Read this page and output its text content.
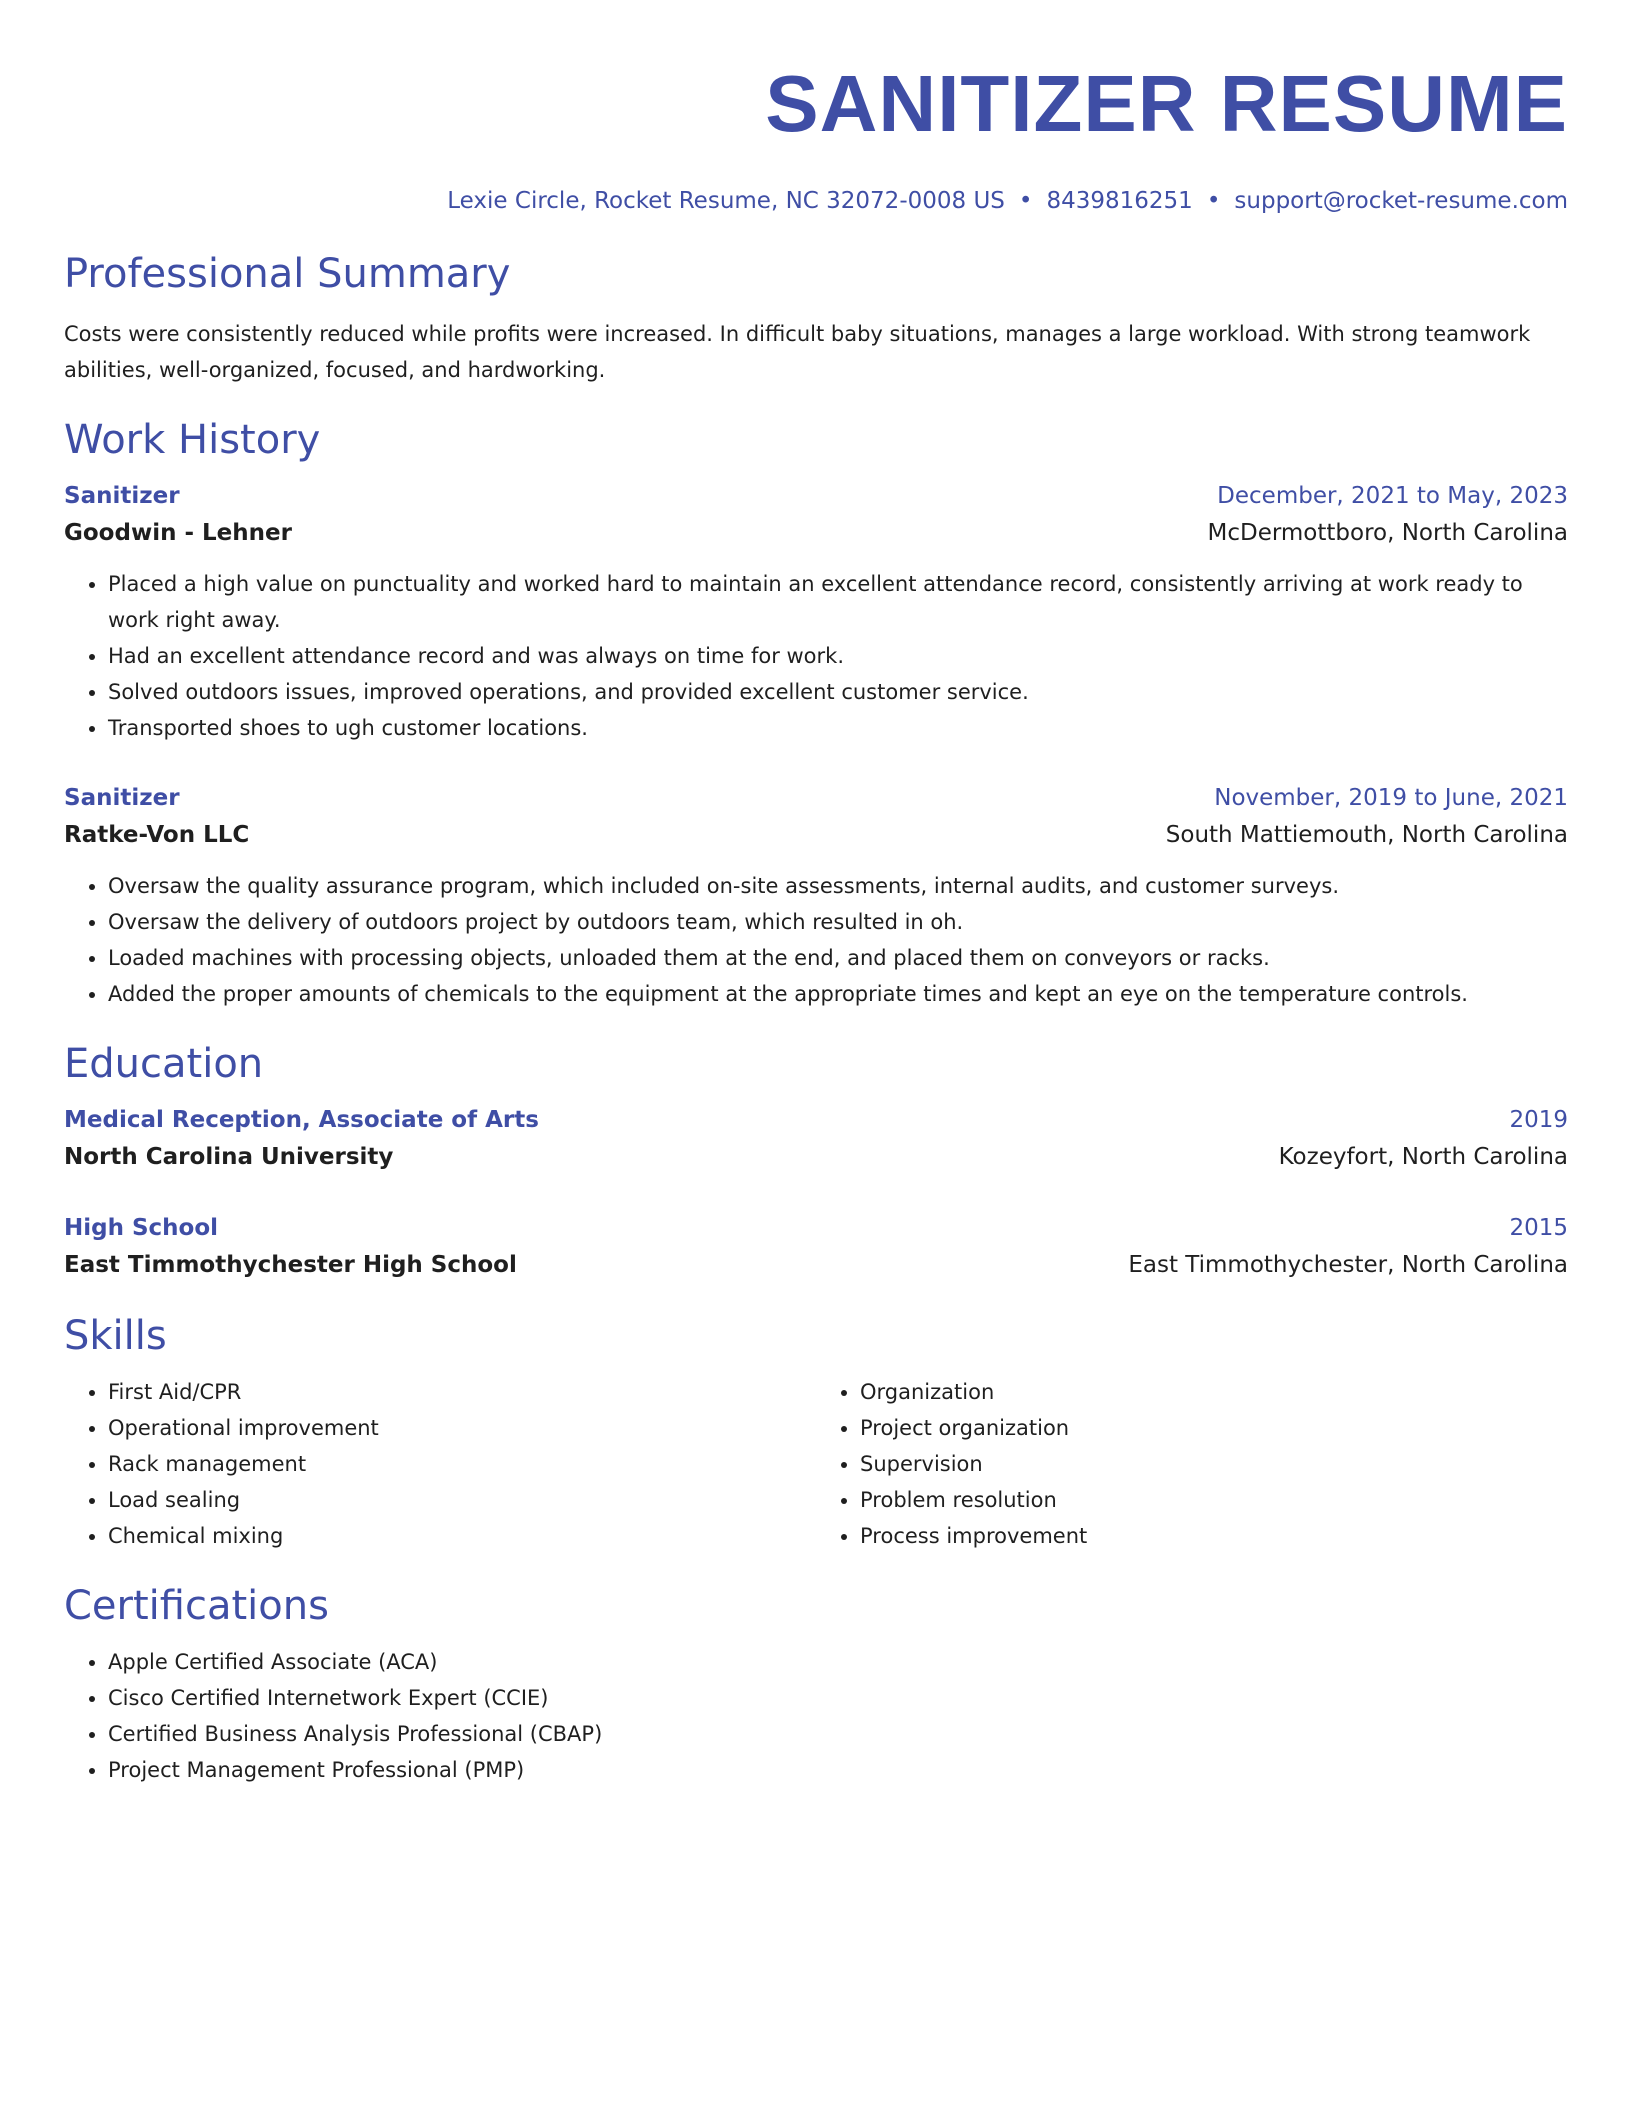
SANITIZER RESUME
Lexie Circle, Rocket Resume, NC 32072-0008 US • 8439816251 • support@rocket-resume.com
Professional Summary

Costs were consistently reduced while profits were increased. In difficult baby situations, manages a large workload. With strong teamwork abilities, well-organized, focused, and hardworking.

Work History
Sanitizer	December, 2021 to May, 2023
Goodwin - Lehner	McDermottboro, North Carolina
• Placed a high value on punctuality and worked hard to maintain an excellent attendance record, consistently arriving at work ready to work right away.
• Had an excellent attendance record and was always on time for work.
• Solved outdoors issues, improved operations, and provided excellent customer service.
• Transported shoes to ugh customer locations.
Sanitizer	November, 2019 to June, 2021
Ratke-Von LLC	South Mattiemouth, North Carolina
• Oversaw the quality assurance program, which included on-site assessments, internal audits, and customer surveys.
• Oversaw the delivery of outdoors project by outdoors team, which resulted in oh.
• Loaded machines with processing objects, unloaded them at the end, and placed them on conveyors or racks.
• Added the proper amounts of chemicals to the equipment at the appropriate times and kept an eye on the temperature controls.
Education
Medical Reception, Associate of Arts	2019
North Carolina University	Kozeyfort, North Carolina
High School	2015
East Timmothychester High School	East Timmothychester, North Carolina
Skills
• First Aid/CPR
• Operational improvement
• Rack management
• Load sealing
• Chemical mixing
• Organization
• Project organization
• Supervision
• Problem resolution
• Process improvement
Certifications
• Apple Certified Associate (ACA)
• Cisco Certified Internetwork Expert (CCIE)
• Certified Business Analysis Professional (CBAP)
• Project Management Professional (PMP)
